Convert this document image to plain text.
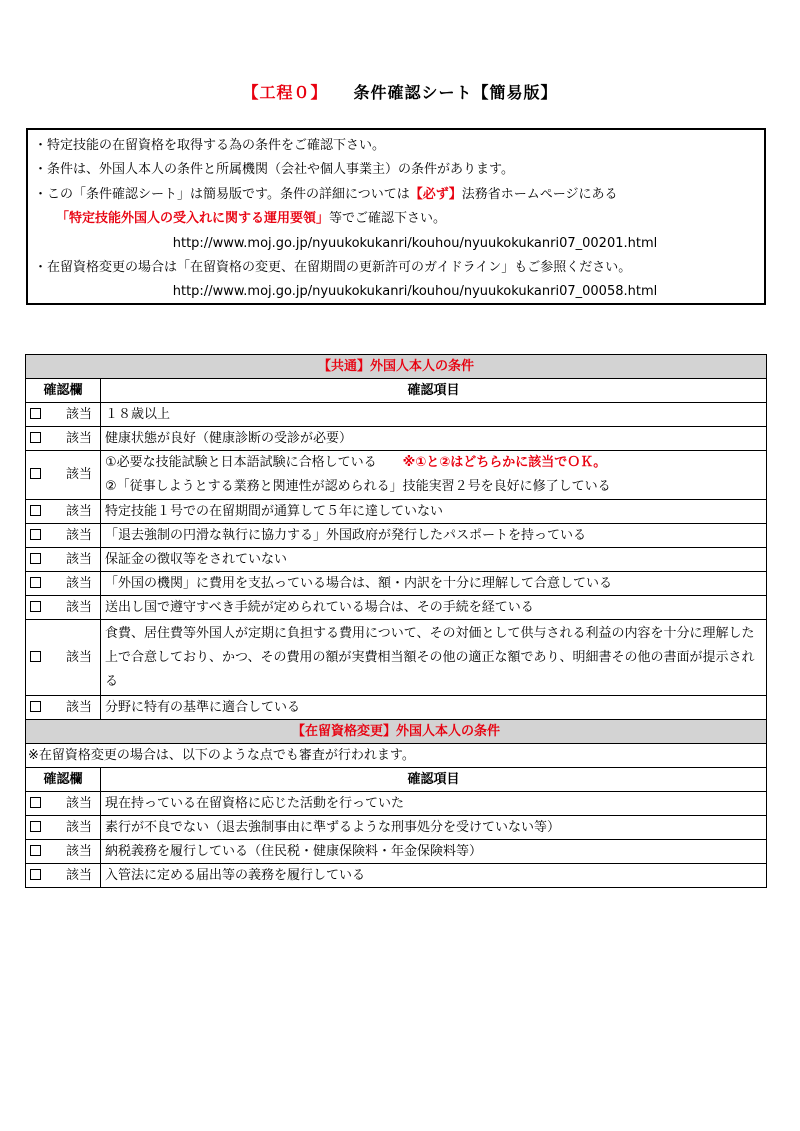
【工程０】 条件確認シート【簡易版】
・特定技能の在留資格を取得する為の条件をご確認下さい。
・条件は、外国人本人の条件と所属機関（会社や個人事業主）の条件があります。
・この「条件確認シート」は簡易版です。条件の詳細については【必ず】法務省ホームページにある
「特定技能外国人の受入れに関する運用要領」等でご確認下さい。
http://www.moj.go.jp/nyuukokukanri/kouhou/nyuukokukanri07_00201.html
・在留資格変更の場合は「在留資格の変更、在留期間の更新許可のガイドライン」もご参照ください。
http://www.moj.go.jp/nyuukokukanri/kouhou/nyuukokukanri07_00058.html
【共通】外国人本人の条件	
確認欄	確認項目

該当	１８歳以上

該当	健康状態が良好（健康診断の受診が必要）

該当	①必要な技能試験と日本語試験に合格している ※①と②はどちらかに該当でＯＫ。
②「従事しようとする業務と関連性が認められる」技能実習２号を良好に修了している

該当	特定技能１号での在留期間が通算して５年に達していない

該当	「退去強制の円滑な執行に協力する」外国政府が発行したパスポートを持っている

該当	保証金の徴収等をされていない

該当	「外国の機関」に費用を支払っている場合は、額・内訳を十分に理解して合意している

該当	送出し国で遵守すべき手続が定められている場合は、その手続を経ている

該当	食費、居住費等外国人が定期に負担する費用について、その対価として供与される利益の内容を十分に理解した上で合意しており、かつ、その費用の額が実費相当額その他の適正な額であり、明細書その他の書面が提示される

該当	分野に特有の基準に適合している
【在留資格変更】外国人本人の条件	
※在留資格変更の場合は、以下のような点でも審査が行われます。	
確認欄	確認項目

該当	現在持っている在留資格に応じた活動を行っていた

該当	素行が不良でない（退去強制事由に準ずるような刑事処分を受けていない等）

該当	納税義務を履行している（住民税・健康保険料・年金保険料等）

該当	入管法に定める届出等の義務を履行している
